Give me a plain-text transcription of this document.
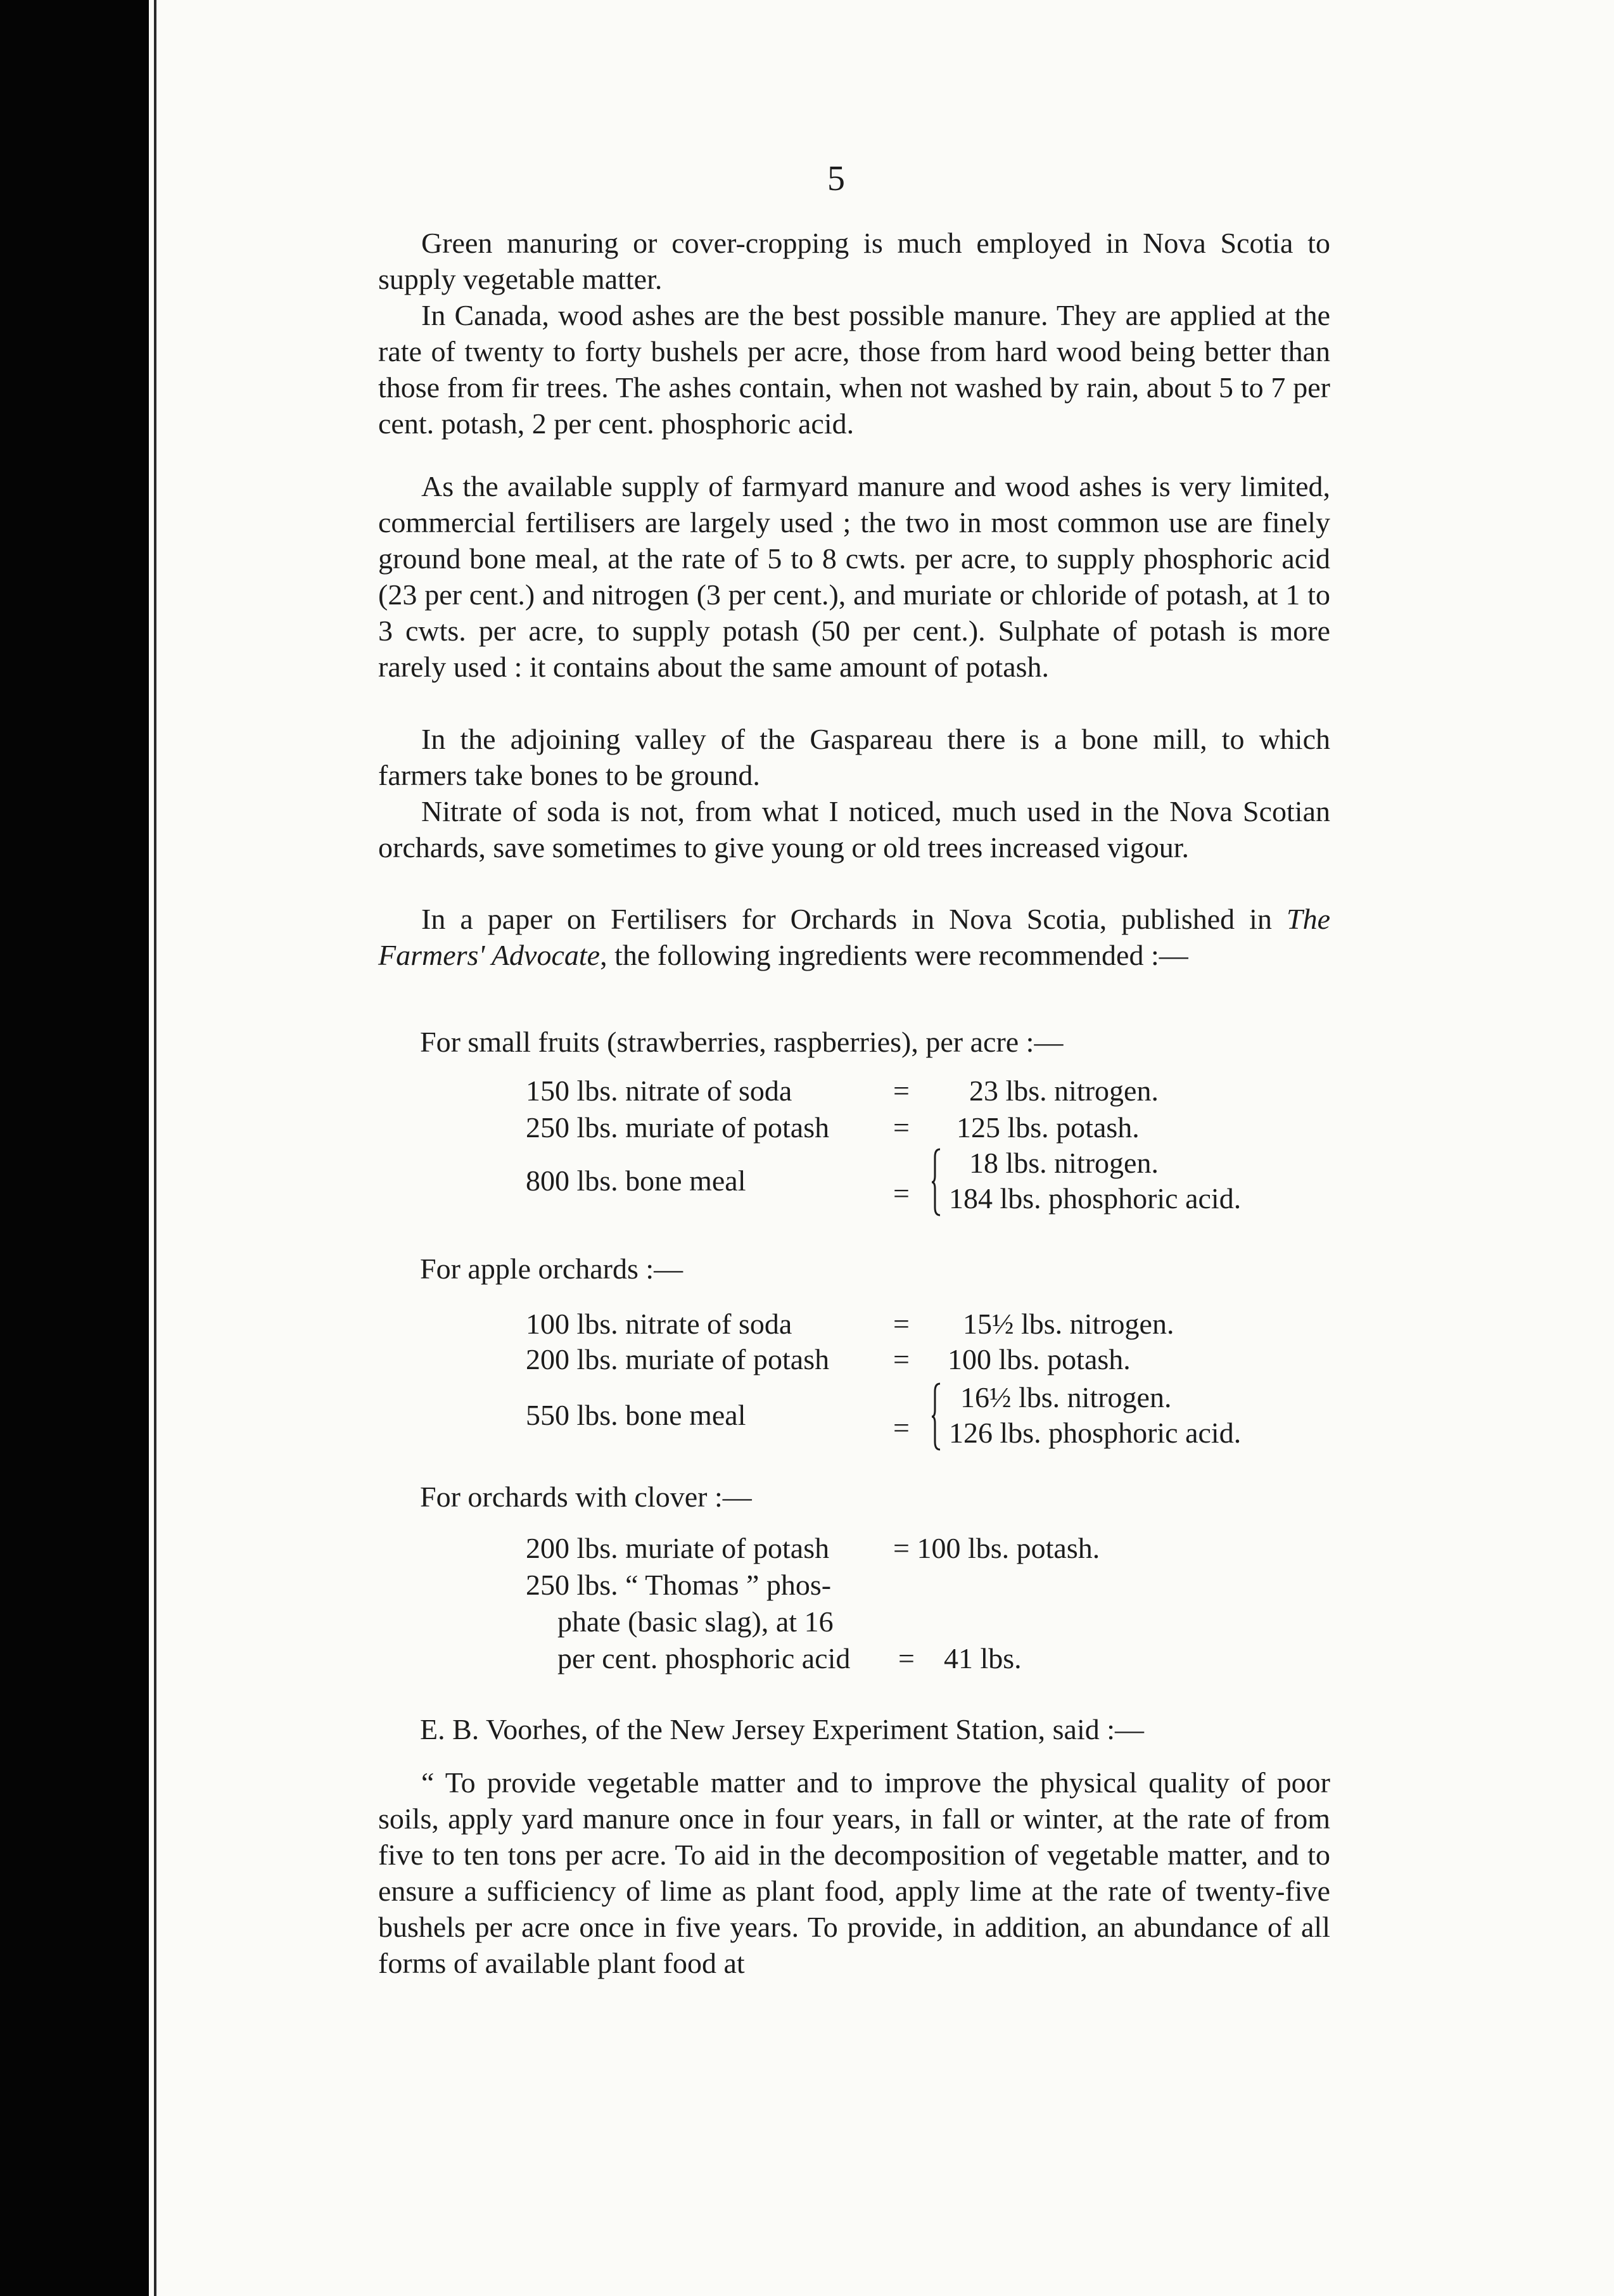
5

Green manuring or cover-cropping is much employed in Nova Scotia to supply vegetable matter.

In Canada, wood ashes are the best possible manure. They are applied at the rate of twenty to forty bushels per acre, those from hard wood being better than those from fir trees. The ashes contain, when not washed by rain, about 5 to 7 per cent. potash, 2 per cent. phosphoric acid.

As the available supply of farmyard manure and wood ashes is very limited, commercial fertilisers are largely used ; the two in most common use are finely ground bone meal, at the rate of 5 to 8 cwts. per acre, to supply phosphoric acid (23 per cent.) and nitrogen (3 per cent.), and muriate or chloride of potash, at 1 to 3 cwts. per acre, to supply potash (50 per cent.). Sulphate of potash is more rarely used : it contains about the same amount of potash.

In the adjoining valley of the Gaspareau there is a bone mill, to which farmers take bones to be ground.

Nitrate of soda is not, from what I noticed, much used in the Nova Scotian orchards, save sometimes to give young or old trees increased vigour.

In a paper on Fertilisers for Orchards in Nova Scotia, published in The Farmers' Advocate, the following ingredients were recommended :—

For small fruits (strawberries, raspberries), per acre :—

150 lbs. nitrate of soda	= 23 lbs. nitrogen.
250 lbs. muriate of potash = 125 lbs. potash.
800 lbs. bone meal	=
18 lbs. nitrogen.
184 lbs. phosphoric acid.

For apple orchards :—

100 lbs. nitrate of soda	= 15½ lbs. nitrogen.
200 lbs. muriate of potash = 100 lbs. potash.
550 lbs. bone meal	=
16½ lbs. nitrogen.
126 lbs. phosphoric acid.

For orchards with clover :—

200 lbs. muriate of potash = 100 lbs. potash.
250 lbs. “ Thomas ” phos-
phate (basic slag), at 16
per cent. phosphoric acid = 41 lbs.

E. B. Voorhes, of the New Jersey Experiment Station, said :—

“ To provide vegetable matter and to improve the physical quality of poor soils, apply yard manure once in four years, in fall or winter, at the rate of from five to ten tons per acre. To aid in the decomposition of vegetable matter, and to ensure a sufficiency of lime as plant food, apply lime at the rate of twenty-five bushels per acre once in five years. To provide, in addition, an abundance of all forms of available plant food at
